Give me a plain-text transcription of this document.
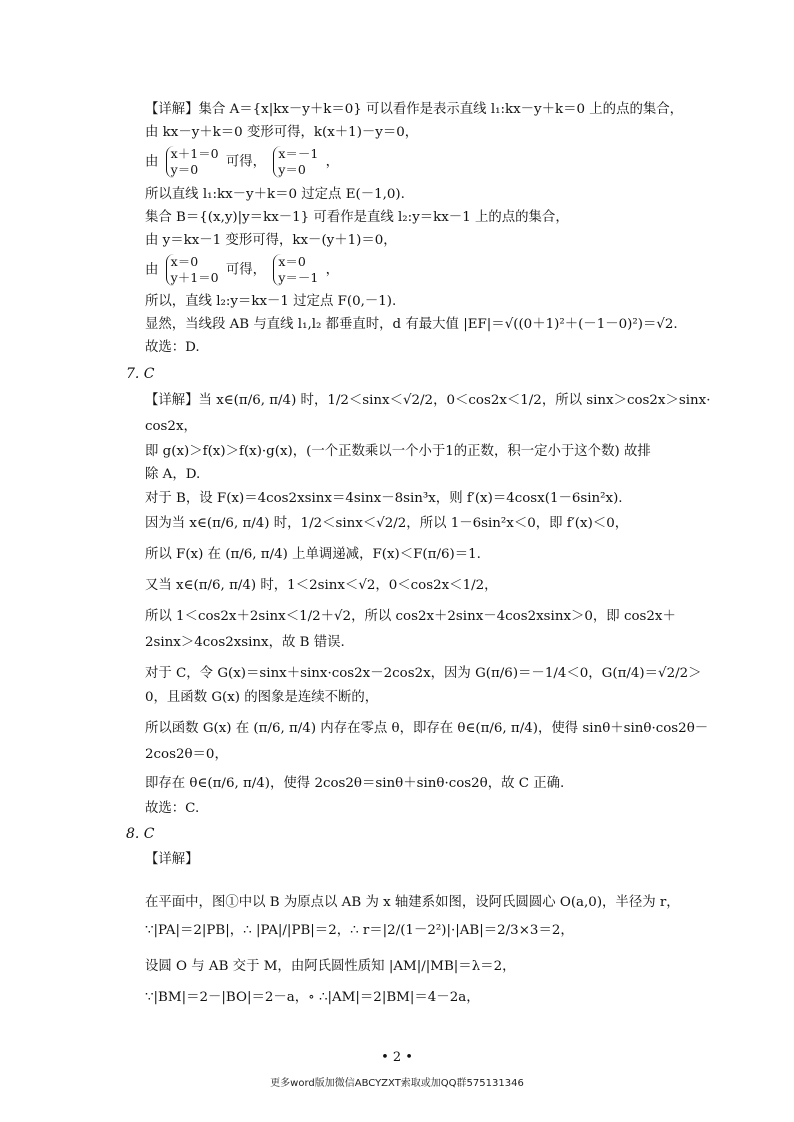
【详解】集合 A＝{x|kx－y＋k＝0} 可以看作是表示直线 l₁:kx－y＋k＝0 上的点的集合，
由 kx－y＋k＝0 变形可得，k(x＋1)－y＝0，
由 x＋1＝0
y＝0 可得， x＝－1
y＝0 ，
所以直线 l₁:kx－y＋k＝0 过定点 E(－1,0).
集合 B＝{(x,y)|y＝kx－1} 可看作是直线 l₂:y＝kx－1 上的点的集合，
由 y＝kx－1 变形可得，kx－(y＋1)＝0，
由 x＝0
y＋1＝0 可得， x＝0
y＝－1 ，
所以，直线 l₂:y＝kx－1 过定点 F(0,－1).
显然，当线段 AB 与直线 l₁,l₂ 都垂直时，d 有最大值 |EF|＝√((0＋1)²＋(－1－0)²)＝√2.
故选：D.
7. C
【详解】当 x∈(π/6, π/4) 时，1/2＜sinx＜√2/2，0＜cos2x＜1/2，所以 sinx＞cos2x＞sinx·
cos2x，
即 g(x)＞f(x)＞f(x)·g(x)，(一个正数乘以一个小于1的正数，积一定小于这个数) 故排
除 A，D.
对于 B，设 F(x)＝4cos2xsinx＝4sinx－8sin³x，则 f′(x)＝4cosx(1－6sin²x).
因为当 x∈(π/6, π/4) 时，1/2＜sinx＜√2/2，所以 1－6sin²x＜0，即 f′(x)＜0，
所以 F(x) 在 (π/6, π/4) 上单调递减，F(x)＜F(π/6)＝1.
又当 x∈(π/6, π/4) 时，1＜2sinx＜√2，0＜cos2x＜1/2，
所以 1＜cos2x＋2sinx＜1/2＋√2，所以 cos2x＋2sinx－4cos2xsinx＞0，即 cos2x＋
2sinx＞4cos2xsinx，故 B 错误.
对于 C，令 G(x)＝sinx＋sinx·cos2x－2cos2x，因为 G(π/6)＝－1/4＜0，G(π/4)＝√2/2＞
0，且函数 G(x) 的图象是连续不断的，
所以函数 G(x) 在 (π/6, π/4) 内存在零点 θ，即存在 θ∈(π/6, π/4)，使得 sinθ＋sinθ·cos2θ－
2cos2θ＝0，
即存在 θ∈(π/6, π/4)，使得 2cos2θ＝sinθ＋sinθ·cos2θ，故 C 正确.
故选：C.
8. C
【详解】
在平面中，图①中以 B 为原点以 AB 为 x 轴建系如图，设阿氏圆圆心 O(a,0)，半径为 r，
∵|PA|＝2|PB|，∴ |PA|/|PB|＝2，∴ r＝|2/(1－2²)|·|AB|＝2/3×3＝2，
设圆 O 与 AB 交于 M，由阿氏圆性质知 |AM|/|MB|＝λ＝2，
∵|BM|＝2－|BO|＝2－a，∘ ∴|AM|＝2|BM|＝4－2a，
• 2 •
更多word版加微信ABCYZXT索取或加QQ群575131346
